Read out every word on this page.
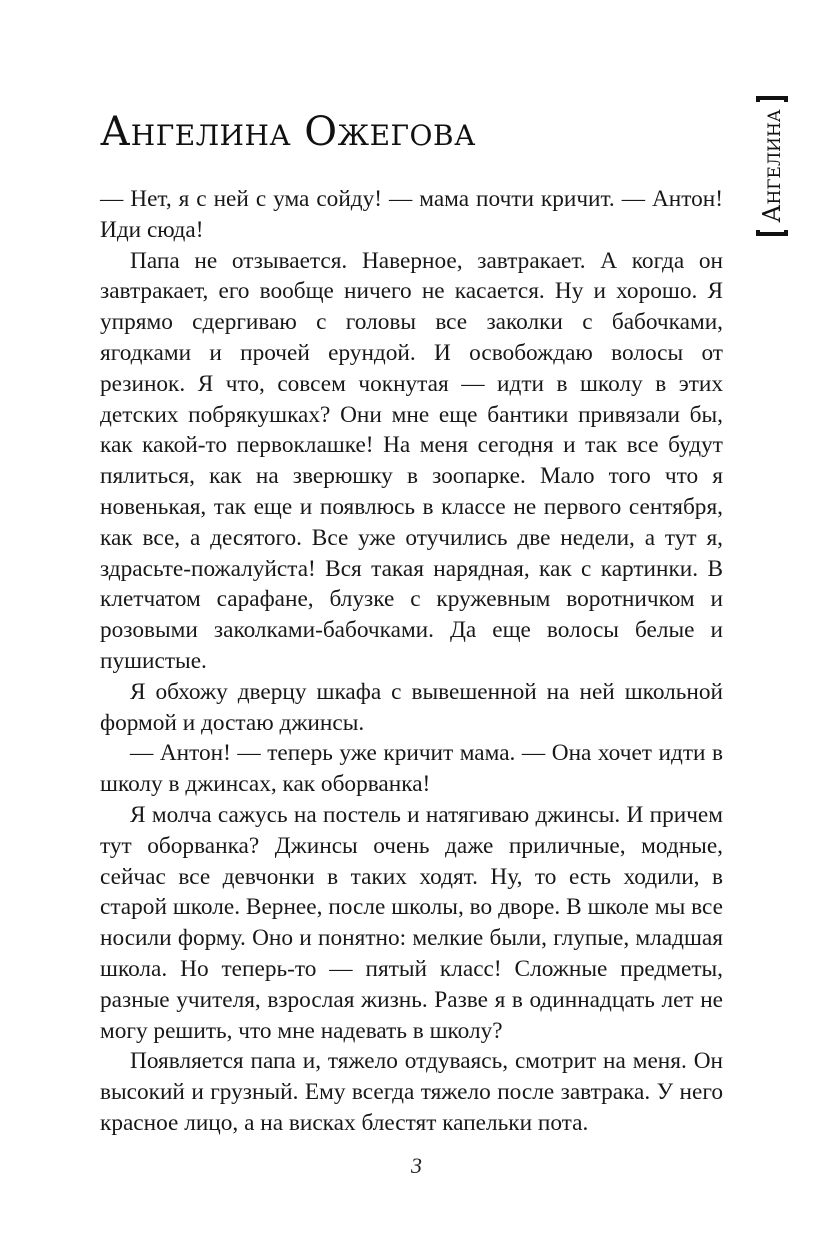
Ангелина Ожегова	Ангелина

— Нет, я с ней с ума сойду! — мама почти кричит. — Антон! Иди сюда!

Папа не отзывается. Наверное, завтракает. А когда он завтракает, его вообще ничего не касается. Ну и хорошо. Я упрямо сдергиваю с головы все заколки с бабочками, ягодками и прочей ерундой. И освобождаю волосы от резинок. Я что, совсем чокнутая — идти в школу в этих детских побрякушках? Они мне еще бантики привязали бы, как какой-то первоклашке! На меня сегодня и так все будут пялиться, как на зверюшку в зоопарке. Мало того что я новенькая, так еще и появлюсь в классе не первого сентября, как все, а десятого. Все уже отучились две недели, а тут я, здрасьте-пожалуйста! Вся такая нарядная, как с картинки. В клетчатом сарафане, блузке с кружевным воротничком и розовыми заколками-бабочками. Да еще волосы белые и пушистые.

Я обхожу дверцу шкафа с вывешенной на ней школьной формой и достаю джинсы.

— Антон! — теперь уже кричит мама. — Она хочет идти в школу в джинсах, как оборванка!

Я молча сажусь на постель и натягиваю джинсы. И причем тут оборванка? Джинсы очень даже приличные, модные, сейчас все девчонки в таких ходят. Ну, то есть ходили, в старой школе. Вернее, после школы, во дворе. В школе мы все носили форму. Оно и понятно: мелкие были, глупые, младшая школа. Но теперь-то — пятый класс! Сложные предметы, разные учителя, взрослая жизнь. Разве я в одиннадцать лет не могу решить, что мне надевать в школу?

Появляется папа и, тяжело отдуваясь, смотрит на меня. Он высокий и грузный. Ему всегда тяжело после завтрака. У него красное лицо, а на висках блестят капельки пота.

3
